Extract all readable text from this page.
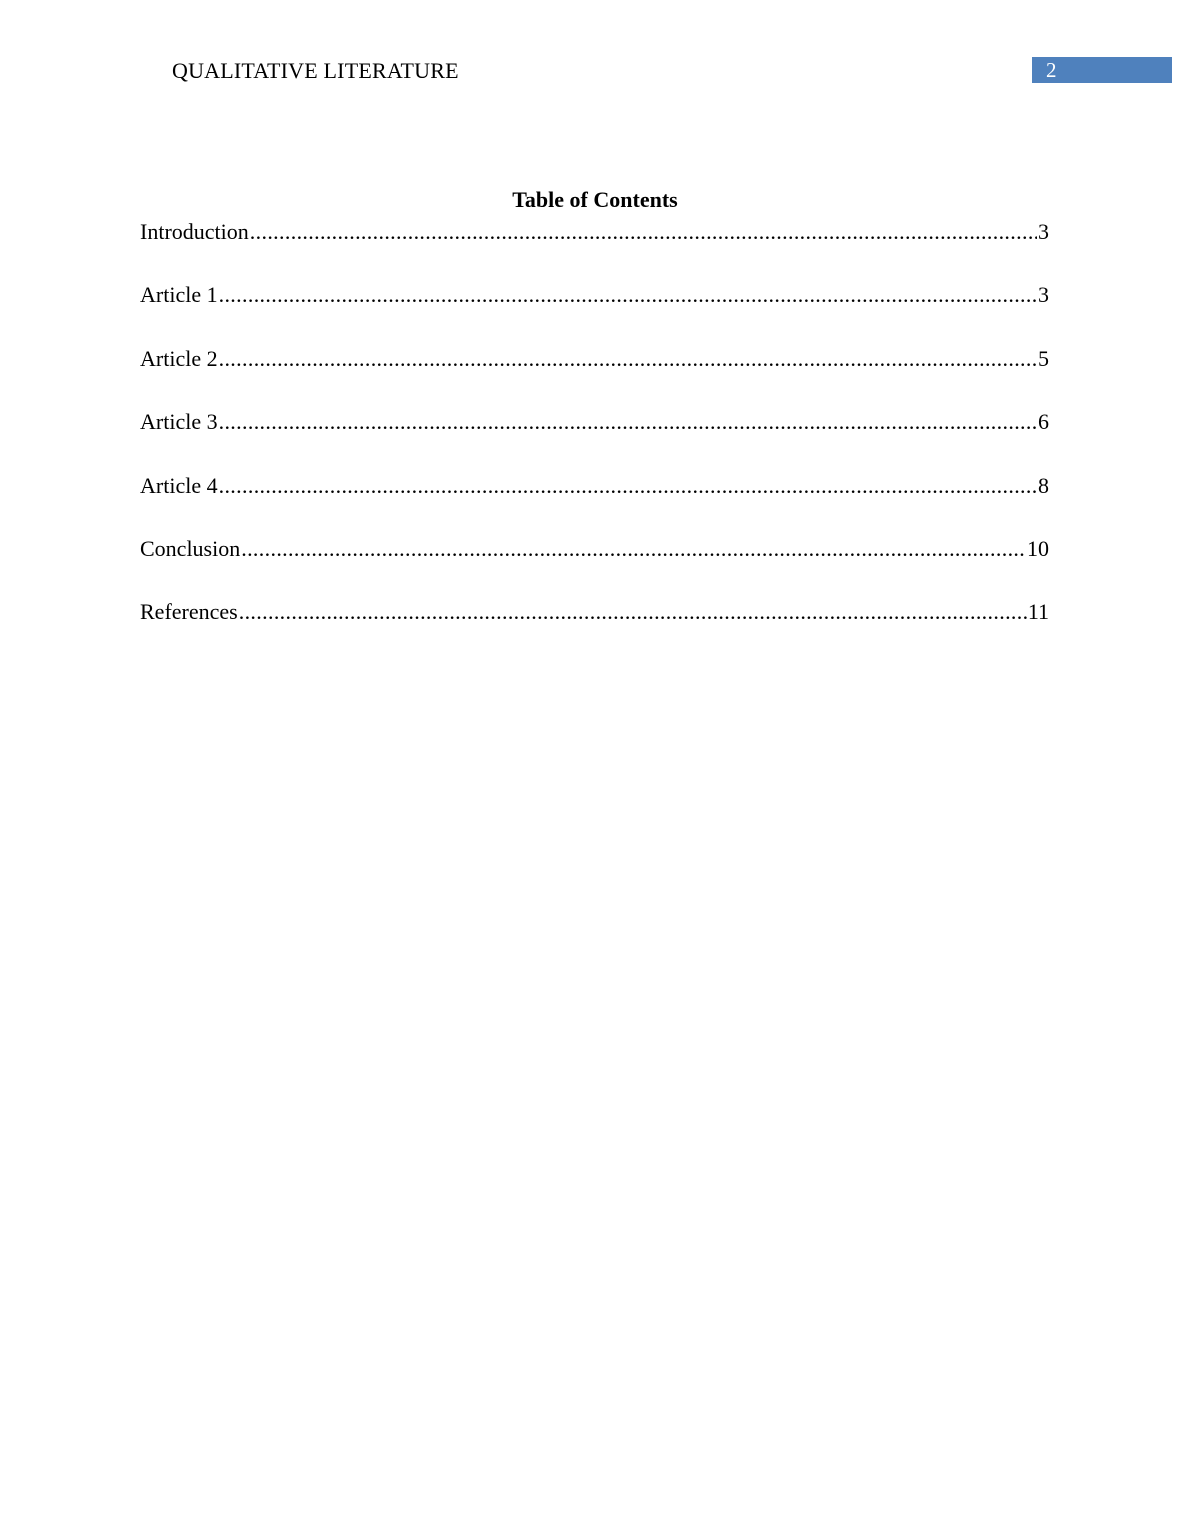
QUALITATIVE LITERATURE	2
Table of Contents
Introduction .....	3
Article 1 .....	3
Article 2 .....	5
Article 3 .....	6
Article 4 .....	8
Conclusion .....	10
References .....	11
